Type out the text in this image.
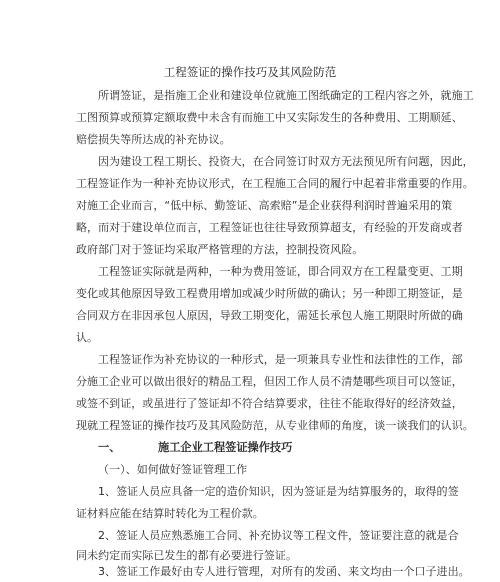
工程签证的操作技巧及其风险防范
所谓签证，是指施工企业和建设单位就施工图纸确定的工程内容之外，就施工
工图预算或预算定额取费中未含有而施工中又实际发生的各种费用、工期顺延、
赔偿损失等所达成的补充协议。
因为建设工程工期长、投资大，在合同签订时双方无法预见所有问题，因此，
工程签证作为一种补充协议形式，在工程施工合同的履行中起着非常重要的作用。
对施工企业而言，“低中标、勤签证、高索赔”是企业获得利润时普遍采用的策
略，而对于建设单位而言，工程签证也往往导致预算超支，有经验的开发商或者
政府部门对于签证均采取严格管理的方法，控制投资风险。
工程签证实际就是两种，一种为费用签证，即合同双方在工程量变更、工期
变化或其他原因导致工程费用增加或减少时所做的确认；另一种即工期签证，是
合同双方在非因承包人原因，导致工期变化，需延长承包人施工期限时所做的确
认。
工程签证作为补充协议的一种形式，是一项兼具专业性和法律性的工作，部
分施工企业可以做出很好的精品工程，但因工作人员不清楚哪些项目可以签证，
或签不到证，或虽进行了签证却不符合结算要求，往往不能取得好的经济效益，
现就工程签证的操作技巧及其风险防范，从专业律师的角度，谈一谈我们的认识。
一、	施工企业工程签证操作技巧
（一）、如何做好签证管理工作
1、签证人员应具备一定的造价知识，因为签证是为结算服务的，取得的签
证材料应能在结算时转化为工程价款。
2、签证人员应熟悉施工合同、补充协议等工程文件，签证要注意的就是合
同未约定而实际已发生的都有必要进行签证。
3、签证工作最好由专人进行管理，对所有的发函、来文均由一个口子进出。
